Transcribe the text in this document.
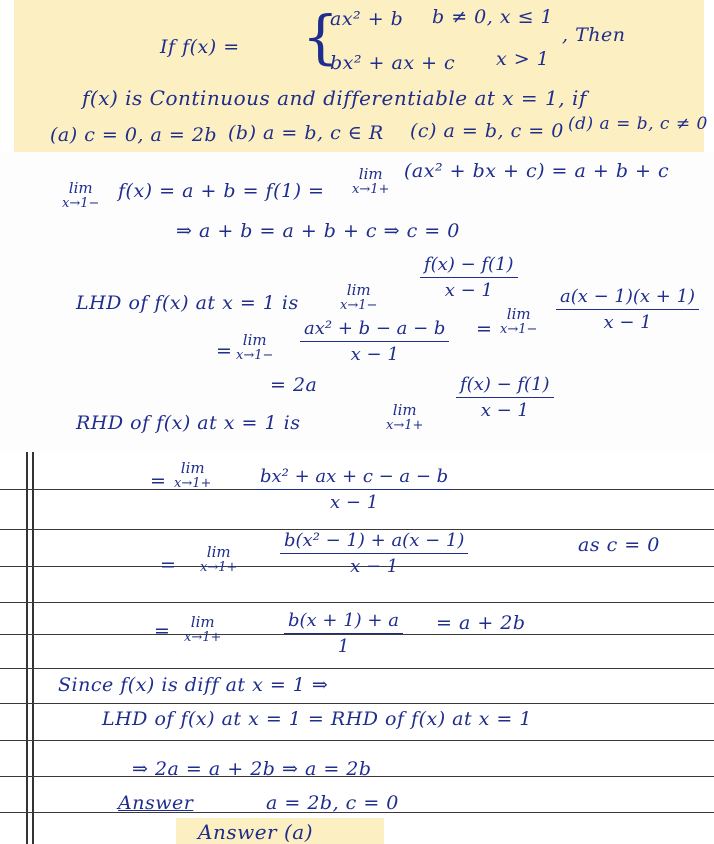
If f(x) = {
ax² + b b ≠ 0, x ≤ 1
bx² + ax + c x > 1
, Then
f(x) is Continuous and differentiable at x = 1, if
(a) c = 0, a = 2b (b) a = b, c ∈ R (c) a = b, c = 0 (d) a = b, c ≠ 0
lim
x→1−
f(x) = a + b = f(1) =
lim
x→1+
(ax² + bx + c) = a + b + c
⇒ a + b = a + b + c ⇒ c = 0
LHD of f(x) at x = 1 is
lim
x→1−
$\frac{f(x) - f(1)}{x - 1}$
= lim
$x\to 1- \frac{\text{ax² + b − a − b}}{x - 1}$ =
lim
$x\to 1- \frac{a(x - 1)(x + 1)}{x - 1}$
= 2a
RHD of f(x) at x = 1 is
lim
x→1+
$\frac{f(x) - f(1)}{x - 1}$
=
lim
$x\to 1+ \frac{\text{bx² + ax + c − a − b}}{x - 1}$
=
lim
$x\to 1+ \frac{\text{b(x² − 1) + a(x − 1)}}{x - 1}$	as c = 0
=	lim
x→1+	$\frac{b(x + 1) + a}{1} = a + 2b$
Since f(x) is diff at x = 1 ⇒
LHD of f(x) at x = 1 = RHD of f(x) at x = 1
⇒ 2a = a + 2b ⇒ a = 2b
Answer	a = 2b, c = 0
Answer (a)
